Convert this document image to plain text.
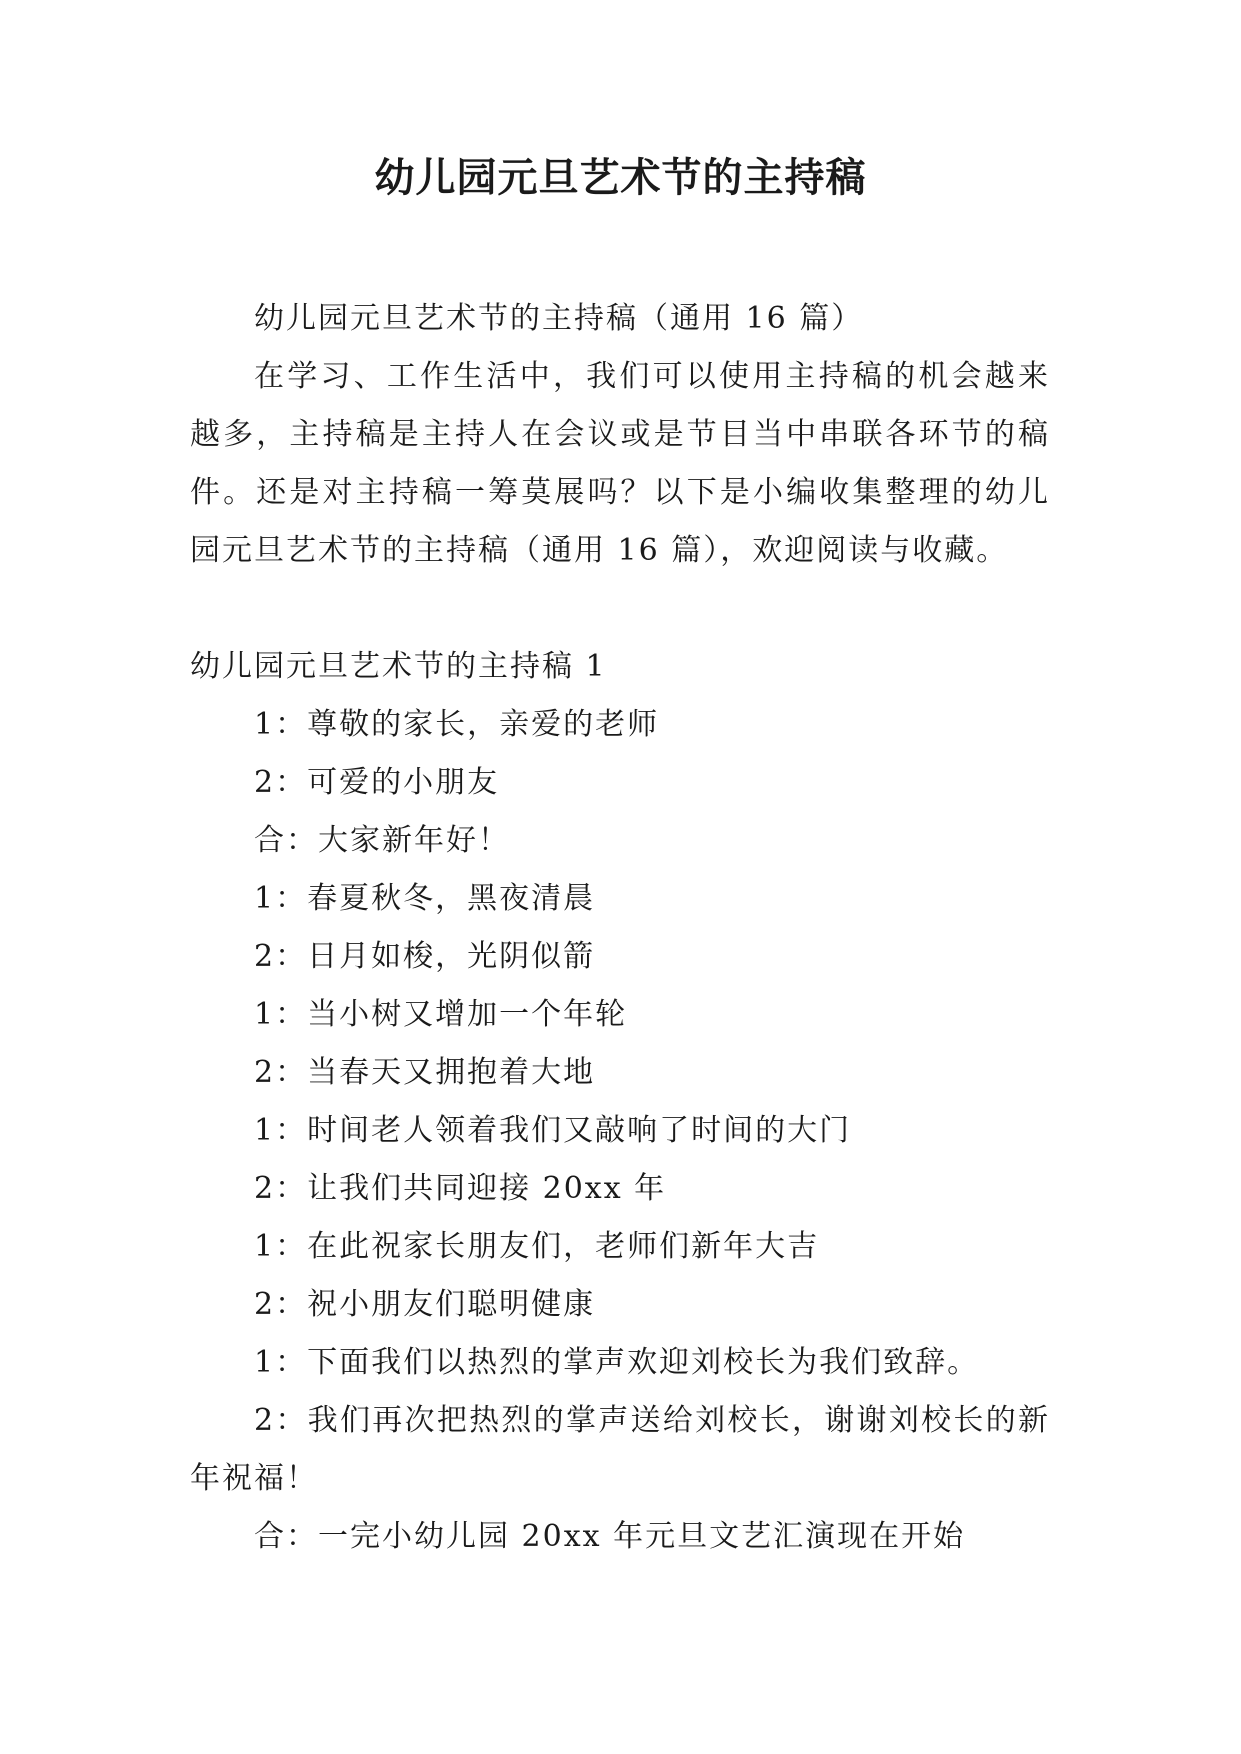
幼儿园元旦艺术节的主持稿

幼儿园元旦艺术节的主持稿（通用 16 篇）

在学习、工作生活中，我们可以使用主持稿的机会越来越多，主持稿是主持人在会议或是节目当中串联各环节的稿件。还是对主持稿一筹莫展吗？以下是小编收集整理的幼儿园元旦艺术节的主持稿（通用 16 篇），欢迎阅读与收藏。

幼儿园元旦艺术节的主持稿 1

1：尊敬的家长，亲爱的老师

2：可爱的小朋友

合：大家新年好！

1：春夏秋冬，黑夜清晨

2：日月如梭，光阴似箭

1：当小树又增加一个年轮

2：当春天又拥抱着大地

1：时间老人领着我们又敲响了时间的大门

2：让我们共同迎接 20xx 年

1：在此祝家长朋友们，老师们新年大吉

2：祝小朋友们聪明健康

1：下面我们以热烈的掌声欢迎刘校长为我们致辞。

2：我们再次把热烈的掌声送给刘校长，谢谢刘校长的新年祝福！

合：一完小幼儿园 20xx 年元旦文艺汇演现在开始
